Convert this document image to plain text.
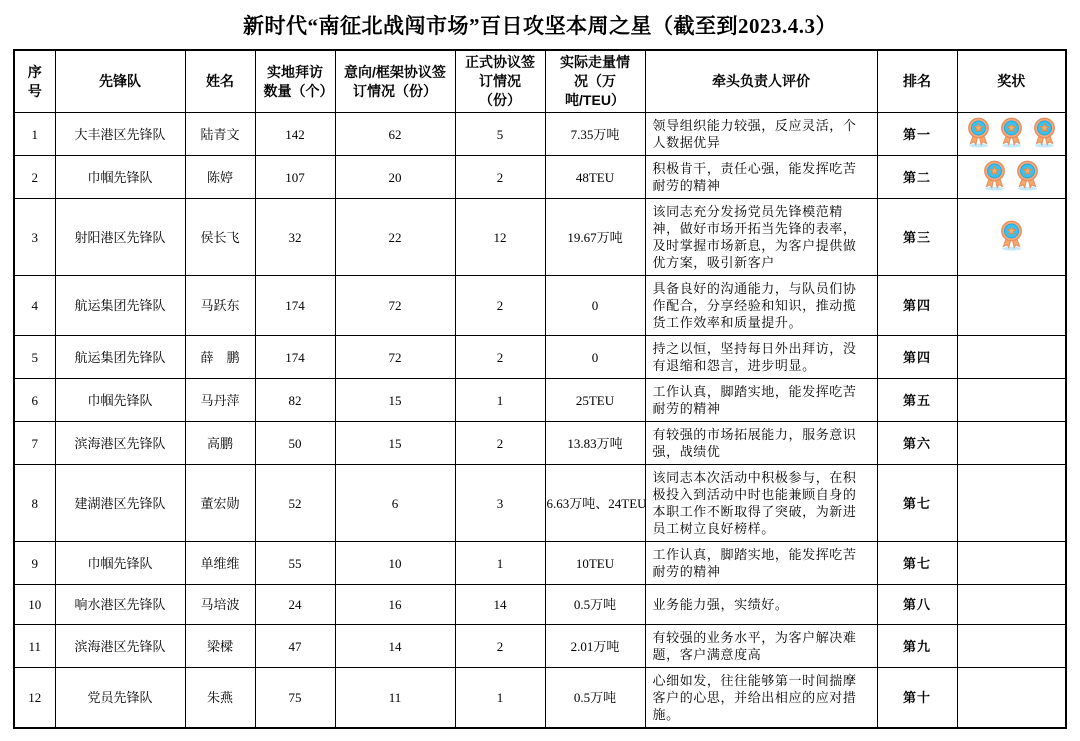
新时代“南征北战闯市场”百日攻坚本周之星（截至到2023.4.3）
序号	先锋队	姓名	实地拜访数量（个）	意向/框架协议签订情况（份）	正式协议签订情况（份）	实际走量情况（万吨/TEU）	牵头负责人评价	排名	奖状
1	大丰港区先锋队	陆青文	142	62	5	7.35万吨	领导组织能力较强，反应灵活，个人数据优异	第一	

2	巾帼先锋队	陈婷	107	20	2	48TEU	积极肯干，责任心强，能发挥吃苦耐劳的精神	第二	

3	射阳港区先锋队	侯长飞	32	22	12	19.67万吨	该同志充分发扬党员先锋模范精神，做好市场开拓当先锋的表率，及时掌握市场新息，为客户提供做优方案，吸引新客户	第三	

4	航运集团先锋队	马跃东	174	72	2	0	具备良好的沟通能力，与队员们协作配合，分享经验和知识，推动揽货工作效率和质量提升。	第四	
5	航运集团先锋队	薛　鹏	174	72	2	0	持之以恒，坚持每日外出拜访，没有退缩和怨言，进步明显。	第四	
6	巾帼先锋队	马丹萍	82	15	1	25TEU	工作认真，脚踏实地，能发挥吃苦耐劳的精神	第五	
7	滨海港区先锋队	高鹏	50	15	2	13.83万吨	有较强的市场拓展能力，服务意识强，战绩优	第六	
8	建湖港区先锋队	董宏勋	52	6	3	6.63万吨、24TEU	该同志本次活动中积极参与，在积极投入到活动中时也能兼顾自身的本职工作不断取得了突破，为新进员工树立良好榜样。	第七	
9	巾帼先锋队	单维维	55	10	1	10TEU	工作认真，脚踏实地，能发挥吃苦耐劳的精神	第七	
10	响水港区先锋队	马培波	24	16	14	0.5万吨	业务能力强，实绩好。	第八	
11	滨海港区先锋队	梁樑	47	14	2	2.01万吨	有较强的业务水平，为客户解决难题，客户满意度高	第九	
12	党员先锋队	朱燕	75	11	1	0.5万吨	心细如发，往往能够第一时间揣摩客户的心思，并给出相应的应对措施。	第十	
